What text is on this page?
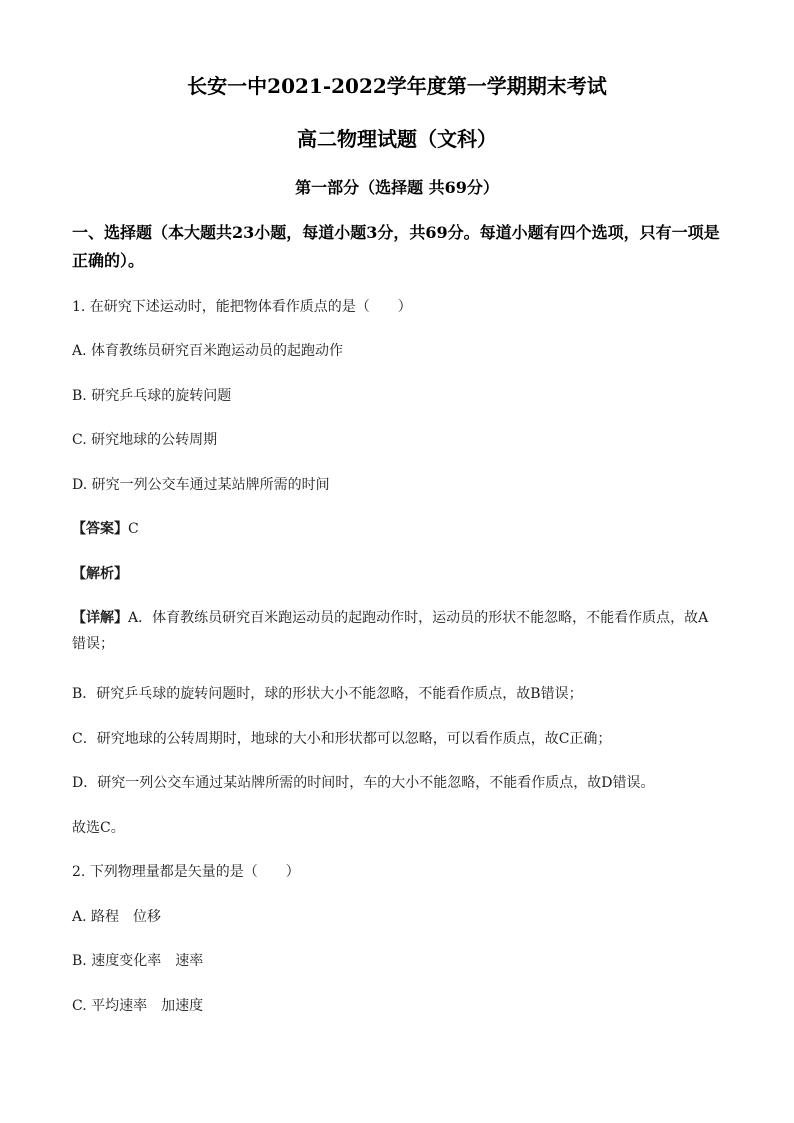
长安一中2021-2022学年度第一学期期末考试
高二物理试题（文科）
第一部分（选择题 共69分）
一、选择题（本大题共23小题，每道小题3分，共69分。每道小题有四个选项，只有一项是正确的）。
1. 在研究下述运动时，能把物体看作质点的是（　　）
A. 体育教练员研究百米跑运动员的起跑动作
B. 研究乒乓球的旋转问题
C. 研究地球的公转周期
D. 研究一列公交车通过某站牌所需的时间
【答案】C
【解析】
【详解】A．体育教练员研究百米跑运动员的起跑动作时，运动员的形状不能忽略，不能看作质点，故A错误；
B．研究乒乓球的旋转问题时，球的形状大小不能忽略，不能看作质点，故B错误；
C．研究地球的公转周期时，地球的大小和形状都可以忽略，可以看作质点，故C正确；
D．研究一列公交车通过某站牌所需的时间时，车的大小不能忽略，不能看作质点，故D错误。
故选C。
2. 下列物理量都是矢量的是（　　）
A. 路程　位移
B. 速度变化率　速率
C. 平均速率　加速度
